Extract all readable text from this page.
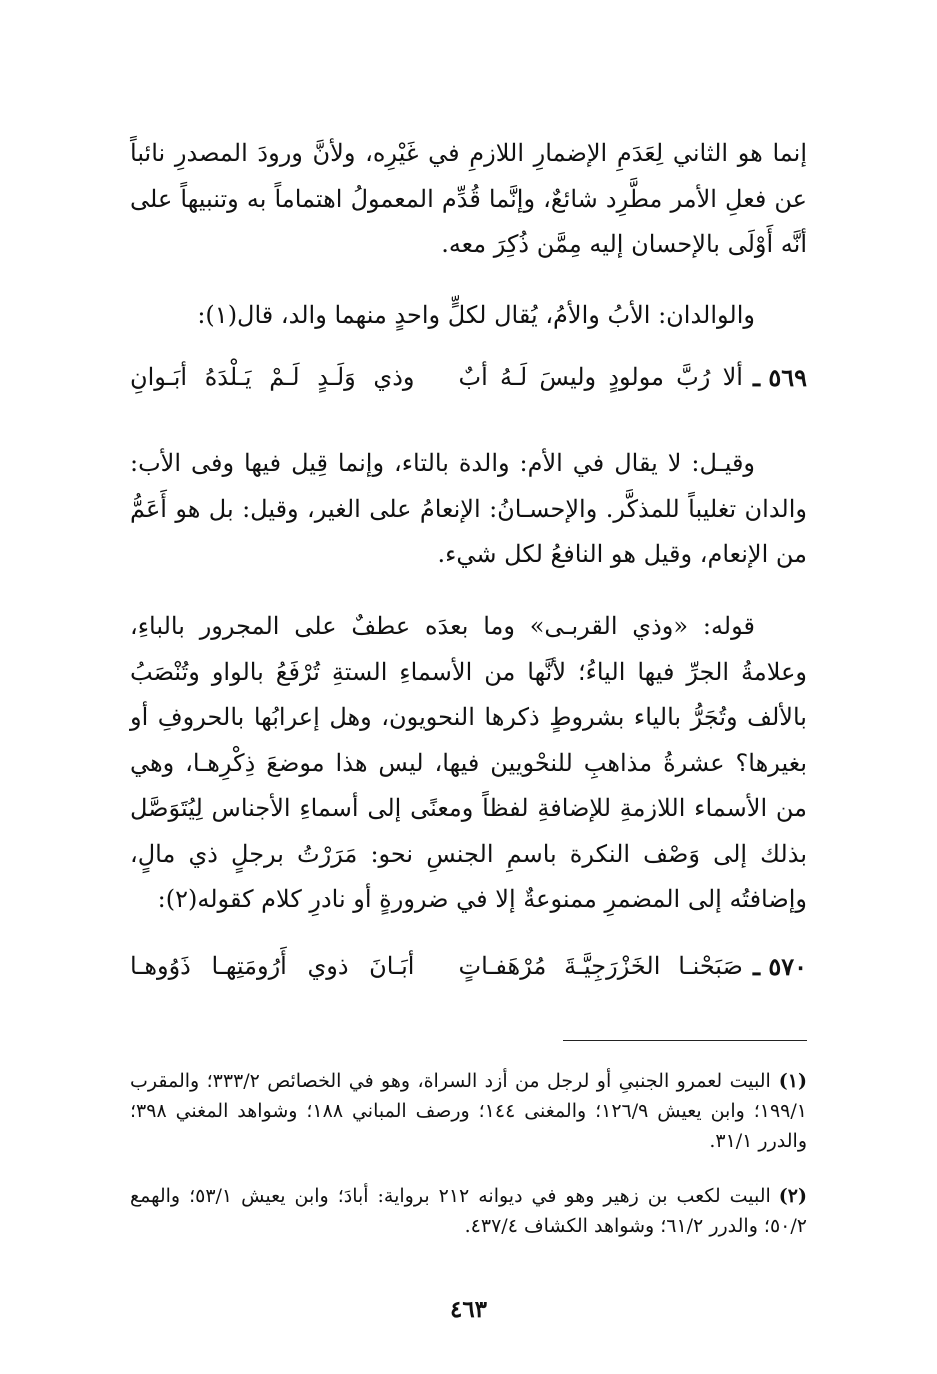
إنما هو الثاني لِعَدَمِ الإضمارِ اللازمِ في غَيْرِه، ولأنَّ ورودَ المصدرِ نائباً عن فعلِ الأمر مطَّرِد شائعٌ، وإنَّما قُدِّم المعمولُ اهتماماً به وتنبيهاً على أنَّه أَوْلَى بالإحسان إليه مِمَّن ذُكِرَ معه.

والوالدان: الأبُ والأمُ، يُقال لكلٍّ واحدٍ منهما والد، قال(١):

٥٦٩ ـ
ألا رُبَّ مولودٍ وليسَ لَـهُ أبٌ
وذي وَلَـدٍ لَـمْ يَـلْدَهُ أبَـوانِ

وقيـل: لا يقال في الأم: والدة بالتاء، وإنما قِيل فيها وفى الأب: والدان تغليباً للمذكَّر. والإحسـانُ: الإنعامُ على الغير، وقيل: بل هو أَعَمُّ من الإنعام، وقيل هو النافعُ لكل شيء.

قوله: «وذي القربـى» وما بعدَه عطفٌ على المجرور بالباءِ، وعلامةُ الجرِّ فيها الياءُ؛ لأنَّها من الأسماءِ الستةِ تُرْفَعُ بالواو وتُنْصَبُ بالألف وتُجَرُّ بالياء بشروطٍ ذكرها النحويون، وهل إعرابُها بالحروفِ أو بغيرها؟ عشرةُ مذاهبِ للنحْويين فيها، ليس هذا موضعَ ذِكْرِهـا، وهي من الأسماء اللازمةِ للإضافةِ لفظاً ومعنًى إلى أسماءِ الأجناس لِيُتَوَصَّل بذلك إلى وَصْف النكرة باسمِ الجنسِ نحو: مَرَرْتُ برجلٍ ذي مالٍ، وإضافتُه إلى المضمرِ ممنوعةٌ إلا في ضرورةٍ أو نادرِ كلام كقوله(٢):

٥٧٠ ـ
صَبَحْنـا الخَزْرَجِيَّـةَ مُرْهَفـاتٍ
أبَـانَ ذوي أَرُومَتِهـا ذَوُوهـا

(١)البيت لعمرو الجنبىِ أو لرجل من أزد السراة، وهو في الخصائص ٣٣٣/٢؛ والمقرب ١٩٩/١؛ وابن يعيش ١٢٦/٩؛ والمغنى ١٤٤؛ ورصف المباني ١٨٨؛ وشواهد المغني ٣٩٨؛ والدرر ٣١/١.

(٢)البيت لكعب بن زهير وهو في ديوانه ٢١٢ برواية: أبادَ؛ وابن يعيش ٥٣/١؛ والهمع ٥٠/٢؛ والدرر ٦١/٢؛ وشواهد الكشاف ٤٣٧/٤.

٤٦٣
